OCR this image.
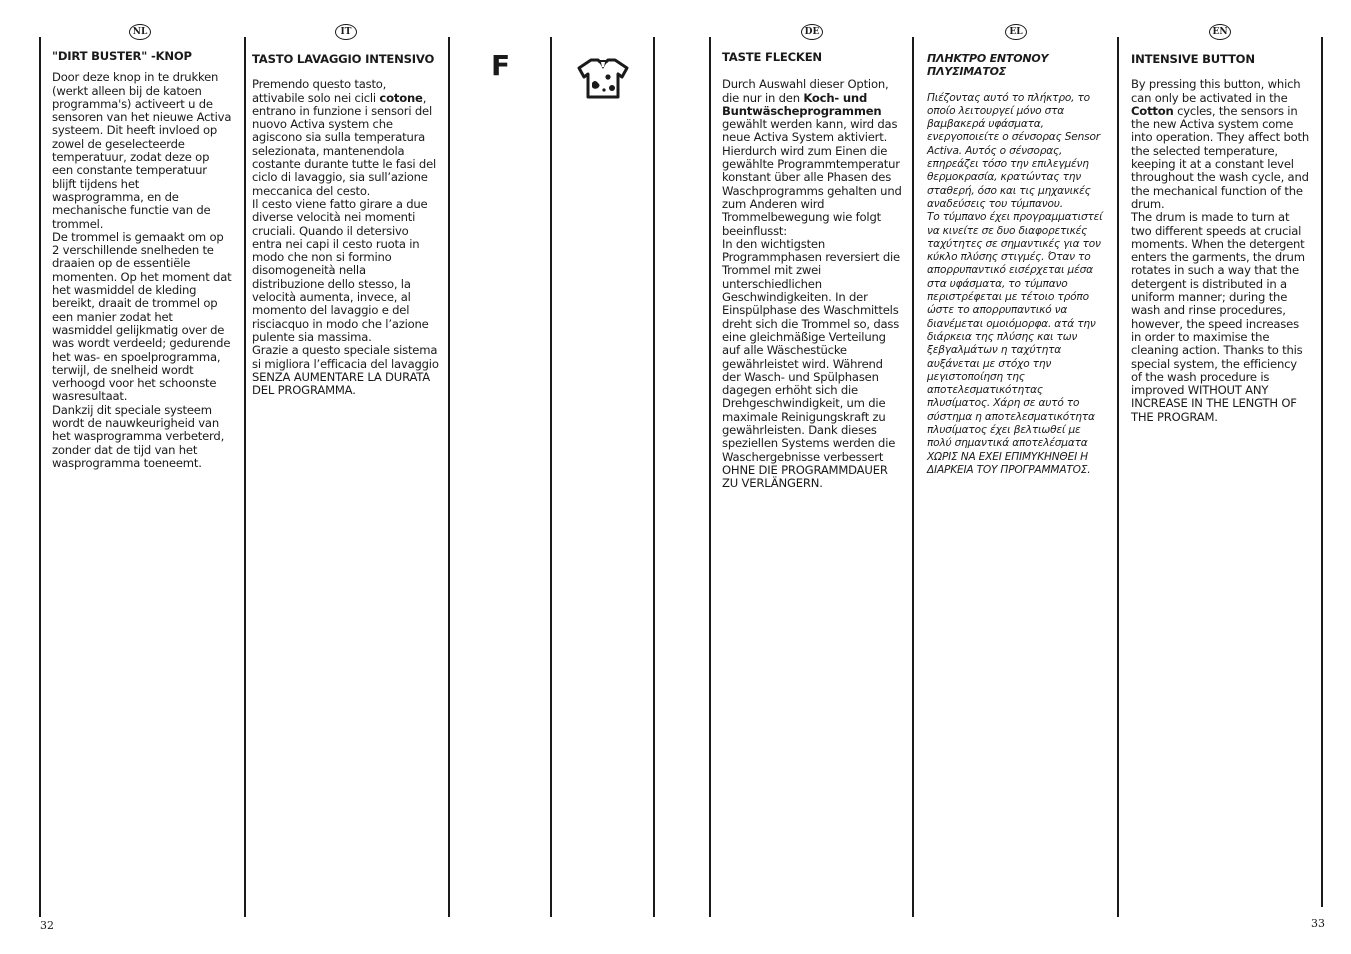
NL	IT	DE	EL	EN
F
"DIRT BUSTER" -KNOP
Door deze knop in te drukken (werkt alleen bij de katoen programma's) activeert u de sensoren van het nieuwe Activa systeem. Dit heeft invloed op zowel de geselecteerde temperatuur, zodat deze op een constante temperatuur blijft tijdens het wasprogramma, en de mechanische functie van de trommel.
De trommel is gemaakt om op 2 verschillende snelheden te draaien op de essentiële momenten. Op het moment dat het wasmiddel de kleding bereikt, draait de trommel op een manier zodat het wasmiddel gelijkmatig over de was wordt verdeeld; gedurende het was- en spoelprogramma, terwijl, de snelheid wordt verhoogd voor het schoonste wasresultaat.
Dankzij dit speciale systeem wordt de nauwkeurigheid van het wasprogramma verbeterd, zonder dat de tijd van het wasprogramma toeneemt.
TASTO LAVAGGIO INTENSIVO
Premendo questo tasto, attivabile solo nei cicli cotone, entrano in funzione i sensori del nuovo Activa system che agiscono sia sulla temperatura selezionata, mantenendola costante durante tutte le fasi del ciclo di lavaggio, sia sull’azione meccanica del cesto.
Il cesto viene fatto girare a due diverse velocità nei momenti cruciali. Quando il detersivo entra nei capi il cesto ruota in modo che non si formino disomogeneità nella distribuzione dello stesso, la velocità aumenta, invece, al momento del lavaggio e del risciacquo in modo che l’azione pulente sia massima.
Grazie a questo speciale sistema si migliora l’efficacia del lavaggio SENZA AUMENTARE LA DURATA DEL PROGRAMMA.
TASTE FLECKEN
Durch Auswahl dieser Option, die nur in den Koch- und Buntwäscheprogrammen gewählt werden kann, wird das neue Activa System aktiviert. Hierdurch wird zum Einen die gewählte Programmtemperatur konstant über alle Phasen des Waschprogramms gehalten und zum Anderen wird Trommelbewegung wie folgt beeinflusst:
In den wichtigsten Programmphasen reversiert die Trommel mit zwei unterschiedlichen Geschwindigkeiten. In der Einspülphase des Waschmittels dreht sich die Trommel so, dass eine gleichmäßige Verteilung auf alle Wäschestücke gewährleistet wird. Während der Wasch- und Spülphasen dagegen erhöht sich die Drehgeschwindigkeit, um die maximale Reinigungskraft zu gewährleisten. Dank dieses speziellen Systems werden die Waschergebnisse verbessert OHNE DIE PROGRAMMDAUER ZU VERLÄNGERN.
ΠΛΗΚΤΡΟ ΕΝΤΟΝΟΥ ΠΛΥΣΙΜΑΤΟΣ
Πιέζοντας αυτό το πλήκτρο, το οποίο λειτουργεί μόνο στα βαμβακερά υφάσματα, ενεργοποιείτε ο σένσορας Sensor Activa. Αυτός ο σένσορας, επηρεάζει τόσο την επιλεγμένη θερμοκρασία, κρατώντας την σταθερή, όσο και τις μηχανικές αναδεύσεις του τύμπανου.
Το τύμπανο έχει προγραμματιστεί να κινείτε σε δυο διαφορετικές ταχύτητες σε σημαντικές για τον κύκλο πλύσης στιγμές. Όταν το απορρυπαντικό εισέρχεται μέσα στα υφάσματα, το τύμπανο περιστρέφεται με τέτοιο τρόπο ώστε το απορρυπαντικό να διανέμεται ομοιόμορφα. ατά την διάρκεια της πλύσης και των ξεβγαλμάτων η ταχύτητα αυξάνεται με στόχο την μεγιστοποίηση της αποτελεσματικότητας πλυσίματος. Χάρη σε αυτό το σύστημα η αποτελεσματικότητα πλυσίματος έχει βελτιωθεί με πολύ σημαντικά αποτελέσματα ΧΩΡΙΣ ΝΑ ΕΧΕΙ ΕΠΙΜΥΚΗΝΘΕΙ Η ΔΙΑΡΚΕΙΑ ΤΟΥ ΠΡΟΓΡΑΜΜΑΤΟΣ.
INTENSIVE BUTTON
By pressing this button, which can only be activated in the Cotton cycles, the sensors in the new Activa system come into operation. They affect both the selected temperature, keeping it at a constant level throughout the wash cycle, and the mechanical function of the drum.
The drum is made to turn at two different speeds at crucial moments. When the detergent enters the garments, the drum rotates in such a way that the detergent is distributed in a uniform manner; during the wash and rinse procedures, however, the speed increases in order to maximise the cleaning action. Thanks to this special system, the efficiency of the wash procedure is improved WITHOUT ANY INCREASE IN THE LENGTH OF THE PROGRAM.
32	33
